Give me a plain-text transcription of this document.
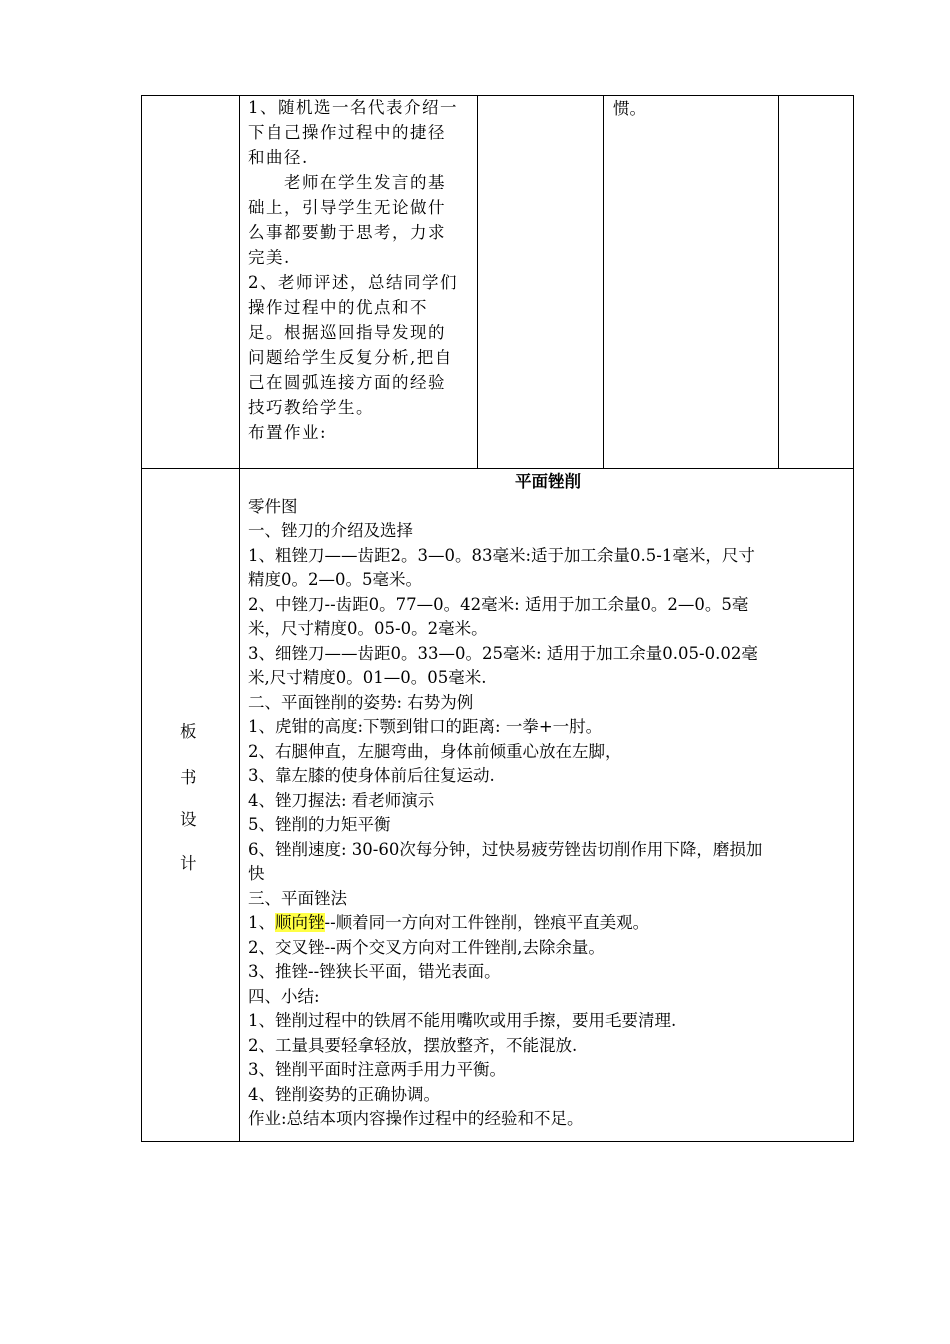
1、随机选一名代表介绍一
下自己操作过程中的捷径
和曲径.
　　老师在学生发言的基
础上，引导学生无论做什
么事都要勤于思考，力求
完美.
2、老师评述，总结同学们
操作过程中的优点和不
足。根据巡回指导发现的
问题给学生反复分析,把自
己在圆弧连接方面的经验
技巧教给学生。
布置作业:
惯。
板
书
设
计
平面锉削
零件图
一、锉刀的介绍及选择
1、粗锉刀——齿距2。3—0。83毫米:适于加工余量0.5-1毫米，尺寸
精度0。2—0。5毫米。
2、中锉刀--齿距0。77—0。42毫米: 适用于加工余量0。2—0。5毫
米，尺寸精度0。05-0。2毫米。
3、细锉刀——齿距0。33—0。25毫米: 适用于加工余量0.05-0.02毫
米,尺寸精度0。01—0。05毫米.
二、平面锉削的姿势: 右势为例
1、虎钳的高度:下颚到钳口的距离: 一拳+一肘。
2、右腿伸直，左腿弯曲，身体前倾重心放在左脚，
3、靠左膝的使身体前后往复运动.
4、锉刀握法: 看老师演示
5、锉削的力矩平衡
6、锉削速度: 30-60次每分钟，过快易疲劳锉齿切削作用下降，磨损加
快
三、平面锉法
1、顺向锉--顺着同一方向对工件锉削，锉痕平直美观。
2、交叉锉--两个交叉方向对工件锉削,去除余量。
3、推锉--锉狭长平面，错光表面。
四、小结:
1、锉削过程中的铁屑不能用嘴吹或用手擦，要用毛要清理.
2、工量具要轻拿轻放，摆放整齐，不能混放.
3、锉削平面时注意两手用力平衡。
4、锉削姿势的正确协调。
作业:总结本项内容操作过程中的经验和不足。
